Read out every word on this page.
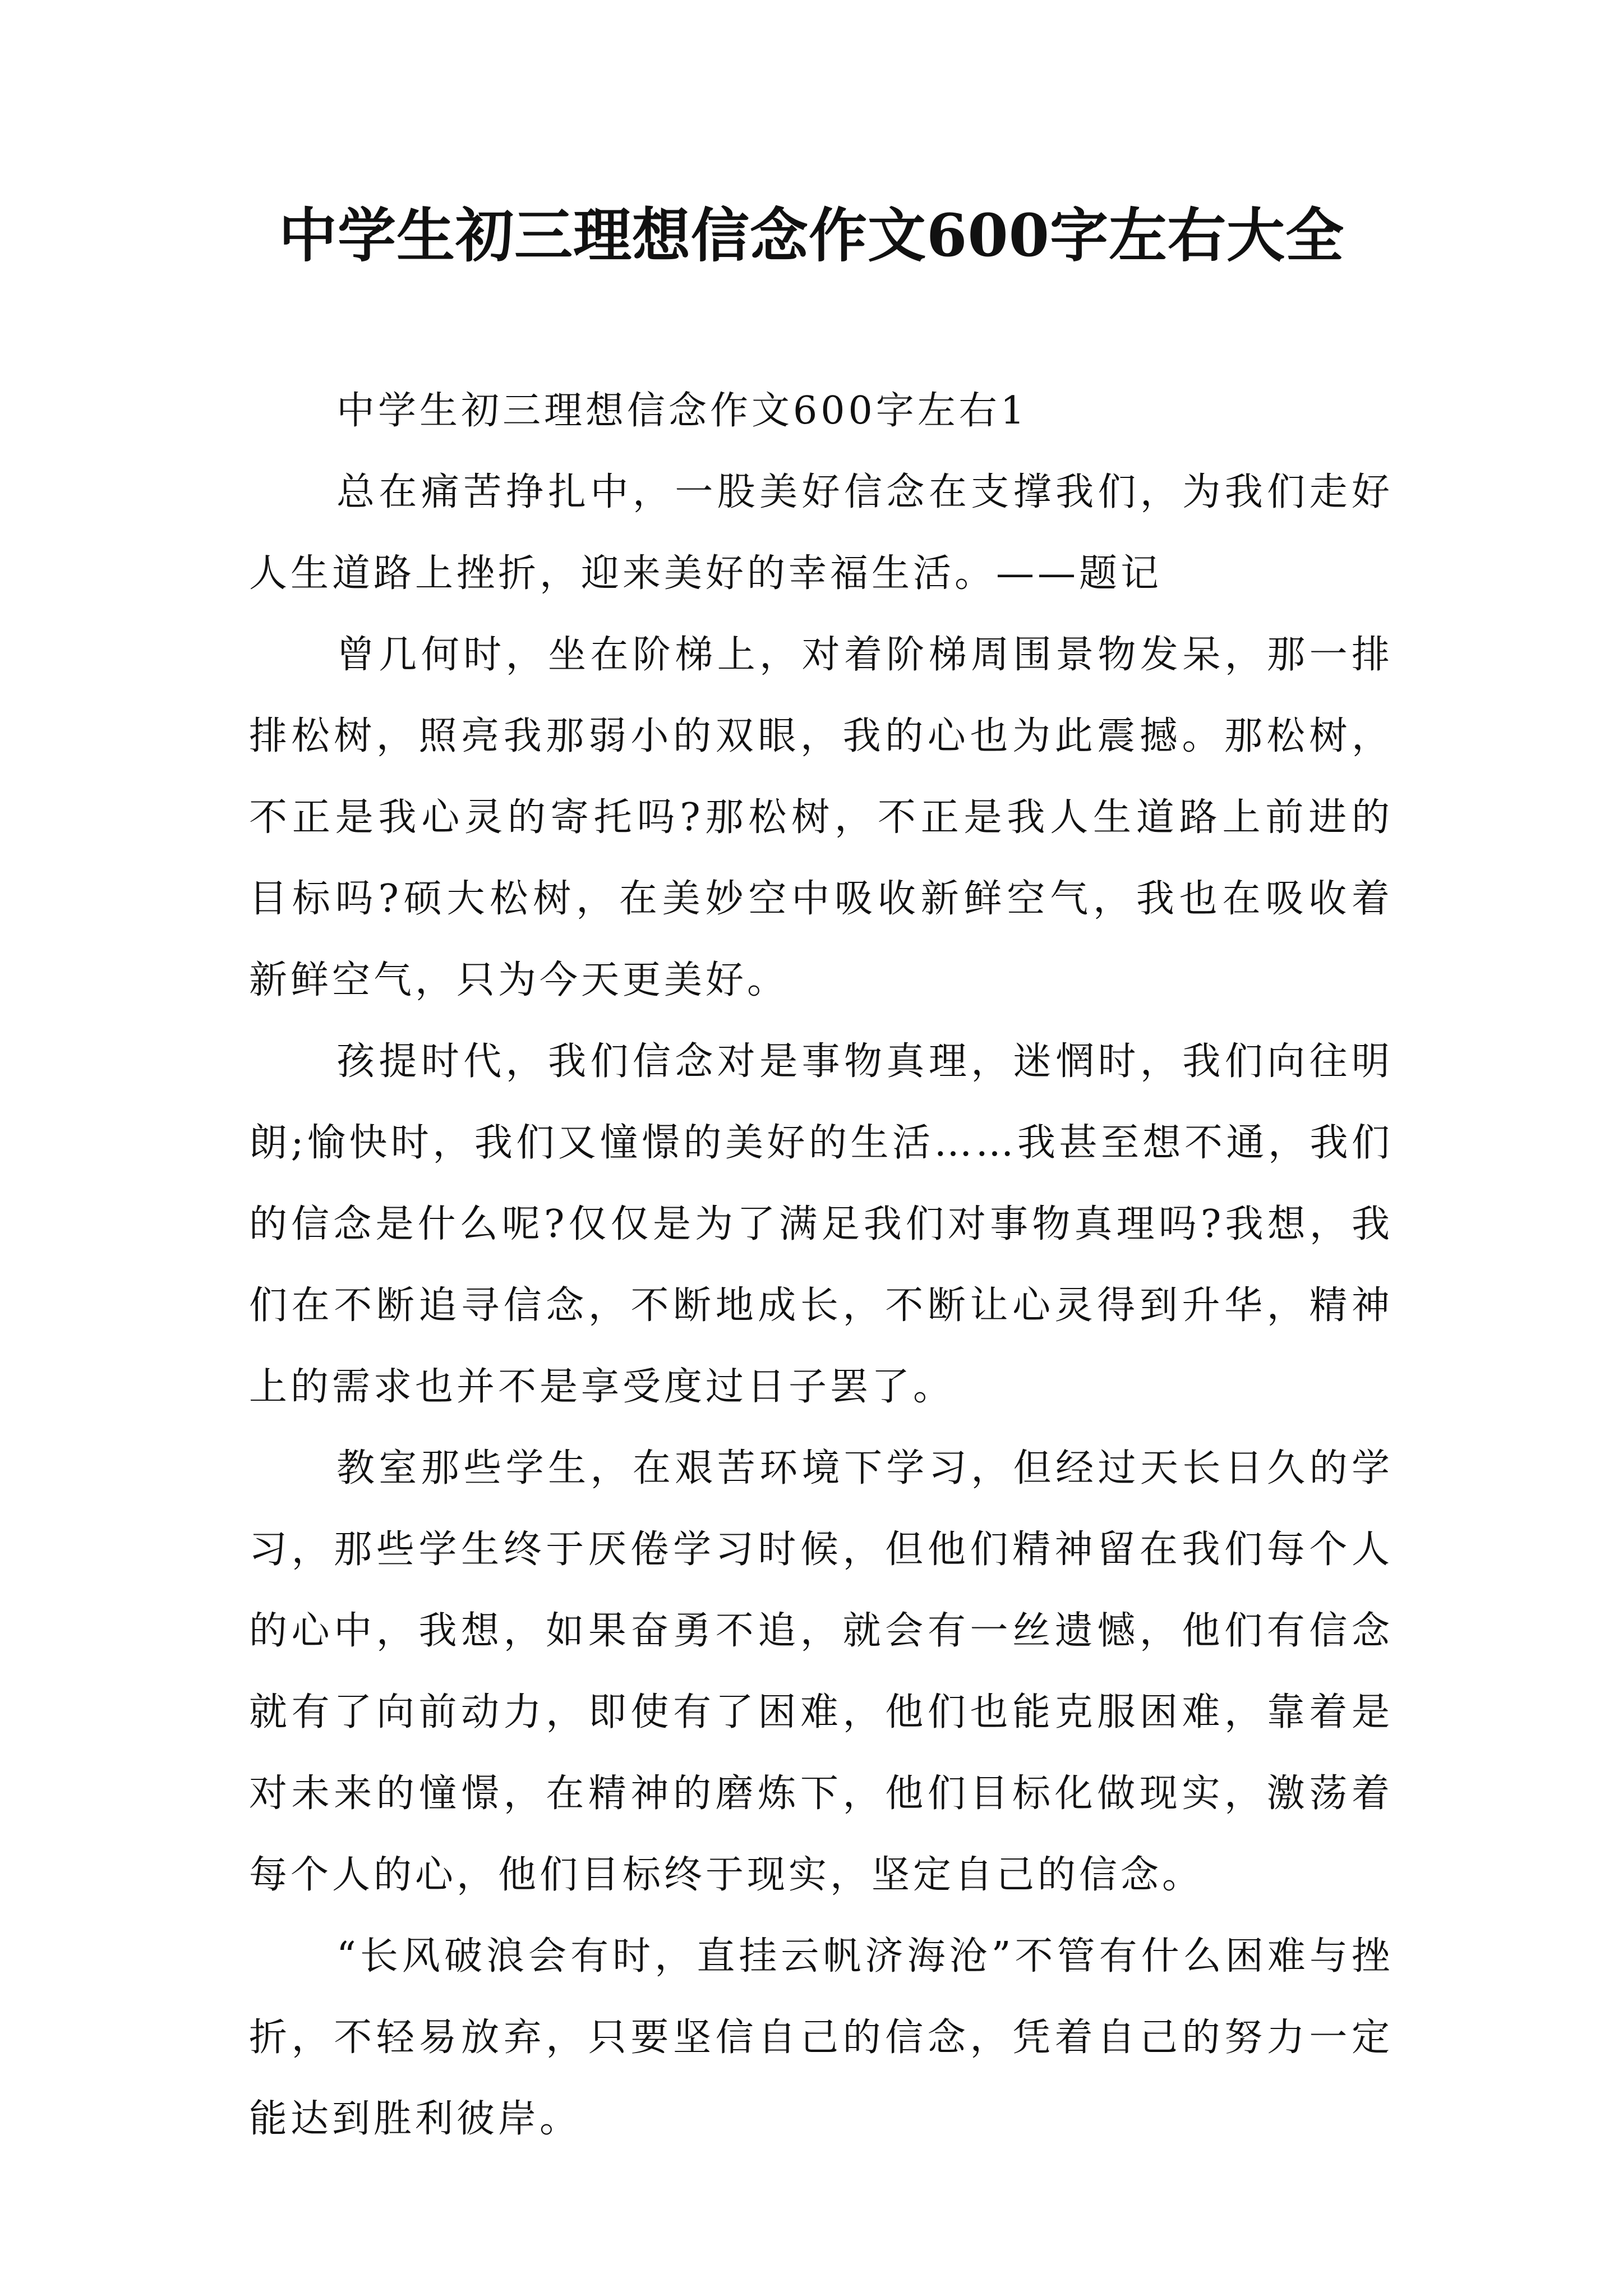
中学生初三理想信念作文600字左右大全

中学生初三理想信念作文600字左右1

总在痛苦挣扎中，一股美好信念在支撑我们，为我们走好人生道路上挫折，迎来美好的幸福生活。——题记

曾几何时，坐在阶梯上，对着阶梯周围景物发呆，那一排排松树，照亮我那弱小的双眼，我的心也为此震撼。那松树，不正是我心灵的寄托吗?那松树，不正是我人生道路上前进的目标吗?硕大松树，在美妙空中吸收新鲜空气，我也在吸收着新鲜空气，只为今天更美好。

孩提时代，我们信念对是事物真理，迷惘时，我们向往明朗;愉快时，我们又憧憬的美好的生活……我甚至想不通，我们的信念是什么呢?仅仅是为了满足我们对事物真理吗?我想，我们在不断追寻信念，不断地成长，不断让心灵得到升华，精神上的需求也并不是享受度过日子罢了。

教室那些学生，在艰苦环境下学习，但经过天长日久的学习，那些学生终于厌倦学习时候，但他们精神留在我们每个人的心中，我想，如果奋勇不追，就会有一丝遗憾，他们有信念就有了向前动力，即使有了困难，他们也能克服困难，靠着是对未来的憧憬，在精神的磨炼下，他们目标化做现实，激荡着每个人的心，他们目标终于现实，坚定自己的信念。

“长风破浪会有时，直挂云帆济海沧”不管有什么困难与挫折，不轻易放弃，只要坚信自己的信念，凭着自己的努力一定能达到胜利彼岸。
